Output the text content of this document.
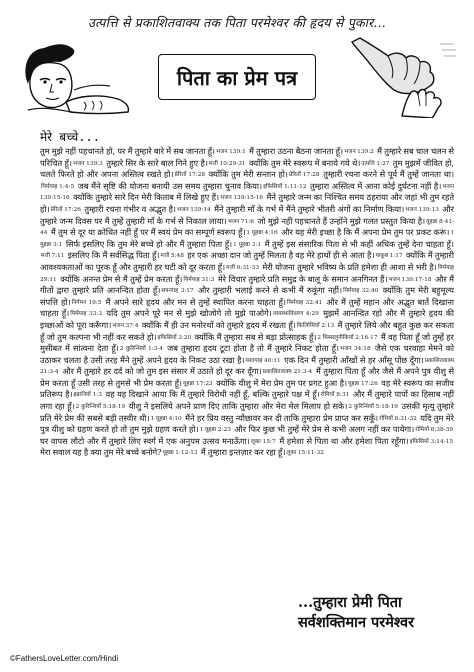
उत्पत्ति से प्रकाशितवाक्य तक पिता परमेश्वर की हृदय से पुकार...
पिता का प्रेम पत्र
मेरे बच्चे...
तुम मुझे नहीं पहचानते हो, पर मैं तुम्हारे बारे में सब जानता हूँ।भजन 139:1 मैं तुम्हारा उठना बैठना जानता हूँ।भजन 139:2 मैं तुम्हारे सब चाल चलन से परिचित हूँ।भजन 139:3 तुम्हारे सिर के सारे बाल गिने हुए है।मत्ती 10:29-31 क्योंकि तुम मेरे स्वरूप में बनाये गये थे।उत्पत्ति 1:27 तुम मुझमें जीवित हो, चलते फिरते हो और अपना अस्तित्व रखते हो।प्रेरितों 17:28 क्योंकि तुम मेरी सन्तान हो।प्रेरितों 17:28 तुम्हारी रचना करने से पूर्व मैं तुम्हें जानता था।यिर्मयाह 1:4-5 जब मैंने सृष्टि की योजना बनायी उस समय तुम्हारा चुनाव किया।इफिसियों 1:11-12 तुम्हारा अस्तित्व में आना कोई दुर्घटना नहीं है।भजन 139:15-16 क्योंकि तुम्हारे सारे दिन मेरी किताब में लिखे हुए हैं।भजन 139:15-16 मैंने तुम्हारे जन्म का निश्चित समय ठहराया और जहां भी तुम रहते हो।प्रेरितों 17:26 तुम्हारी रचना गंभीर व अद्भुत है।भजन 139:14 मैंने तुम्हारी माँ के गर्भ में मैंने तुम्हारे भीतरी अंगों का निर्माण किया।भजन 139:13 और तुम्हारे जन्म दिवस पर मैं तुम्हें तुम्हारी माँ के गर्भ से निकाल लाया।भजन 71:6 जो मुझे नहीं पहचानते हैं उन्होंने मुझे गलत प्रस्तुत किया है।यूहन्ना 8:41-44 मैं तुम से दूर या क्रोधित नहीं हूँ पर मैं स्वयं प्रेम का सम्पूर्ण स्वरूप हूँ।1 यूहन्ना 4:16 और यह मेरी इच्छा है कि मैं अपना प्रेम तुम पर प्रकट करूं।1 यूहन्ना 3:1 सिर्फ इसलिए कि तुम मेरे बच्चे हो और मैं तुम्हारा पिता हूँ।1 यूहन्ना 3:1 मैं तुम्हें इस संसारिक पिता से भी कहीं अधिक तुम्हें देना चाहता हूँ।मत्ती 7:11 इसलिए कि मैं सर्वसिद्ध पिता हूँ।मत्ती 5:48 हर एक अच्छा दान जो तुम्हें मिलता है वह मेरे हाथों ही से आता है।याकूब 1:17 क्योंकि मैं तुम्हारी आवश्यकताओं का पूरक हूँ और तुम्हारी हर घटी को दूर करता हूँ।मत्ती 6:31-33 मेरी योजना तुम्हारे भविष्य के प्रति हमेशा ही आशा से भरी है।यिर्मयाह 29:11 क्योंकि अनन्त प्रेम से मैं तुम्हें प्रेम करता हूँ।यिर्मयाह 31:3 मेरे विचार तुम्हारे प्रति समुद्र के बालू के समान अनगिनत हैं।भजन 139:17-18 और मैं गीतों द्वारा तुम्हारे प्रति आनन्दित होता हूँ।सपन्याह 3:17 और तुम्हारी भलाई करने से कभी मैं रुकूंगा नहीं।यिर्मयाह 32:40 क्योंकि तुम मेरी बहुमूल्य संपत्ति हो।निर्गमन 19:5 मैं अपने सारे हृदय और मन से तुम्हें स्थापित करना चाहता हूँ।यिर्मयाह 32:41 और मैं तुम्हें महान और अद्भुत बातें दिखाना चाहता हूँ।यिर्मयाह 33:3 यदि तुम अपने पूरे मन से मुझे खोजोगे तो मुझे पाओगे।व्यवस्थाविवरण 4:29 मुझमें आनन्दित रहो और मैं तुम्हारे हृदय की इच्छाओं को पूरा करूँगा।भजन 37:4 क्योंकि मैं ही उन मनोरथों को तुम्हारे हृदय में रखता हूँ।फिलिप्पियों 2:13 मैं तुम्हारे लिये और बहुत कुछ कर सकता हूँ जो तुम कल्पना भी नहीं कर सकते हो।इफिसियों 3:20 क्योंकि मैं तुम्हारा सब से बड़ा प्रोत्साहक हूँ।2 थिस्सलुनीकियों 2:16-17 मैं वह पिता हूँ जो तुम्हें हर मुसीबत में सांत्वना देता हूँ।2 कुरिन्थियों 1:3-4 जब तुम्हारा हृदय टूटा होता है तो मैं तुम्हारे निकट होता हूँ।भजन 34:18 जैसे एक चरवाहा मेमने को उठाकर चलता है उसी तरह मैंने तुम्हें अपने हृदय के निकट उठा रखा है।यशायाह 40:11 एक दिन मैं तुम्हारी आँखों से हर आँसू पोंछ दूँगा।प्रकाशितवाक्य 21:3-4 और मैं तुम्हारे हर दर्द को जो तुम इस संसार में उठाते हो दूर कर दूँगा।प्रकाशितवाक्य 21:3-4 मैं तुम्हारा पिता हूँ और जैसे मैं अपने पुत्र यीशु से प्रेम करता हूँ उसी तरह से तुमसे भी प्रेम करता हूँ।यूहन्ना 17:23 क्योंकि यीशु में मेरा प्रेम तुम पर प्रगट हुआ है।यूहन्ना 17:26 वह मेरे स्वरूप का सजीव प्रतिरूप है।इब्रानियों 1:3 वह यह दिखाने आया कि मैं तुम्हारे विरोधी नहीं हूँ, बल्कि तुम्हारे पक्ष में हूँ।रोमियों 8:31 और मैं तुम्हारे पापों का हिसाब नहीं लगा रहा हूँ।2 कुरिन्थियों 5:18-19 यीशु ने इसलिये अपने प्राण दिए ताकि तुम्हारा और मेरा मेल मिलाप हो सके।2 कुरिन्थियों 5:18-19 उसकी मृत्यु तुम्हारे प्रति मेरे प्रेम की सबसे बड़ी तस्वीर थी।1 यूहन्ना 4:10 मैंने हर प्रिय वस्तु न्यौछावर कर दी ताकि तुम्हारा प्रेम प्राप्त कर सकूँ।रोमियों 8:31-32 यदि तुम मेरे पुत्र यीशु को ग्रहण करते हो तो तुम मुझे ग्रहण करते हो।1 यूहन्ना 2:23 और फिर कुछ भी तुम्हें मेरे प्रेम से कभी अलग नहीं कर पायेगा।रोमियों 8:38-39 घर वापस लौटो और मैं तुम्हारे लिए स्वर्ग में एक अनुपम उत्सव मनाऊँगा।लूका 15:7 मैं हमेशा से पिता था और हमेशा पिता रहूँगा।इफिसियों 3:14-15 मेरा सवाल यह है क्या तुम मेरे बच्चे बनोगे?यूहन्ना 1:12-13 मैं तुम्हारा इन्तज़ार कर रहा हूँ।लूका 15:11-32
...तुम्हारा प्रेमी पिता
सर्वशक्तिमान परमेश्वर
©FathersLoveLetter.com/Hindi
